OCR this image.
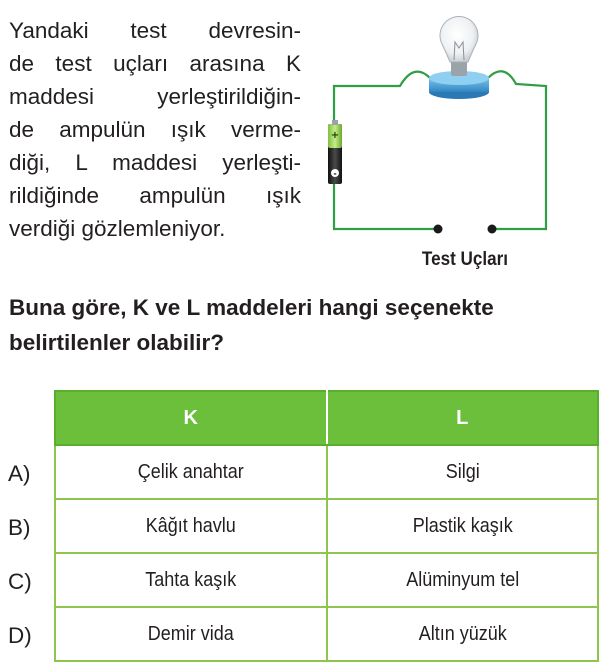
Yandaki test devresin-
de test uçları arasına K
maddesi yerleştirildiğin-
de ampulün ışık verme-
diği, L maddesi yerleşti-
rildiğinde ampulün ışık
verdiği gözlemleniyor.

+
-
Test Uçları

Buna göre, K ve L maddeleri hangi seçenekte
belirtilenler olabilir?

A)
B)
C)
D)
K	L
Çelik anahtar	Silgi
Kâğıt havlu	Plastik kaşık
Tahta kaşık	Alüminyum tel
Demir vida	Altın yüzük
